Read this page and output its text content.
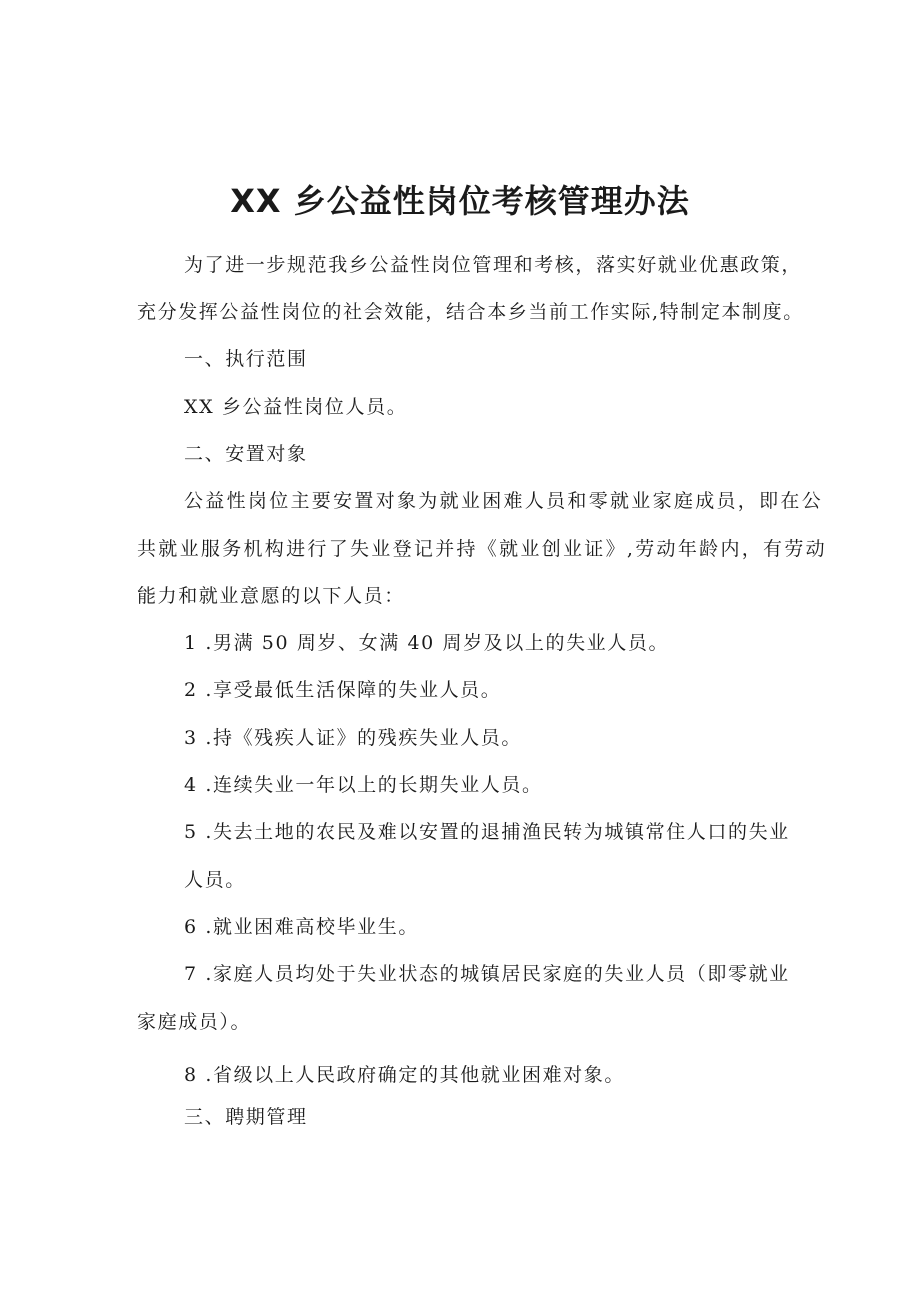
XX 乡公益性岗位考核管理办法
为了进一步规范我乡公益性岗位管理和考核，落实好就业优惠政策，
充分发挥公益性岗位的社会效能，结合本乡当前工作实际,特制定本制度。
一、执行范围
XX 乡公益性岗位人员。
二、安置对象
公益性岗位主要安置对象为就业困难人员和零就业家庭成员，即在公
共就业服务机构进行了失业登记并持《就业创业证》,劳动年龄内，有劳动
能力和就业意愿的以下人员：
1 .男满 50 周岁、女满 40 周岁及以上的失业人员。
2 .享受最低生活保障的失业人员。
3 .持《残疾人证》的残疾失业人员。
4 .连续失业一年以上的长期失业人员。
5 .失去土地的农民及难以安置的退捕渔民转为城镇常住人口的失业
人员。
6 .就业困难高校毕业生。
7 .家庭人员均处于失业状态的城镇居民家庭的失业人员（即零就业
家庭成员）。
8 .省级以上人民政府确定的其他就业困难对象。
三、聘期管理
